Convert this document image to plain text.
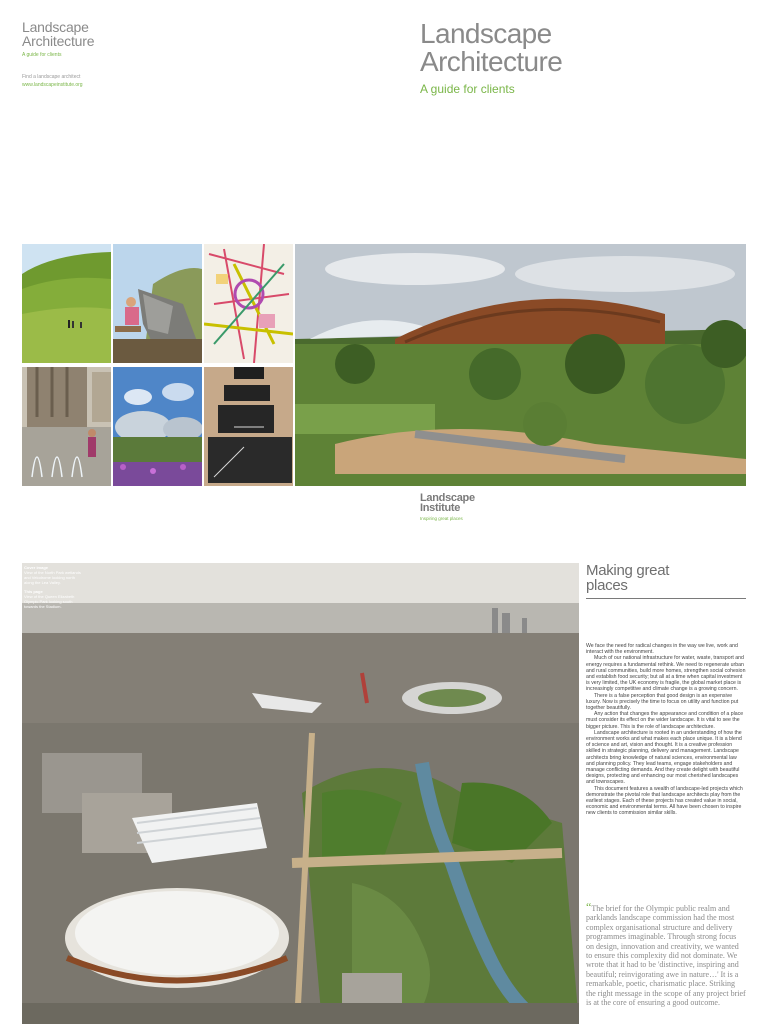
Landscape
Architecture
A guide for clients
Find a landscape architect
www.landscapeinstitute.org
Landscape
Architecture
A guide for clients
Landscape
Institute
Inspiring great places
Cover image
View of the North Park wetlands and Velodrome looking north along the Lea Valley.
This page
View of the Queen Elizabeth Olympic Park looking south towards the Stadium.
Making great
places

We face the need for radical changes in the way we live, work and interact with the environment.

Much of our national infrastructure for water, waste, transport and energy requires a fundamental rethink. We need to regenerate urban and rural communities, build more homes, strengthen social cohesion and establish food security; but all at a time when capital investment is very limited, the UK economy is fragile, the global market place is increasingly competitive and climate change is a growing concern.

There is a false perception that good design is an expensive luxury. Now is precisely the time to focus on utility and function put together beautifully.

Any action that changes the appearance and condition of a place must consider its effect on the wider landscape. It is vital to see the bigger picture. This is the role of landscape architecture.

Landscape architecture is rooted in an understanding of how the environment works and what makes each place unique. It is a blend of science and art, vision and thought. It is a creative profession skilled in strategic planning, delivery and management. Landscape architects bring knowledge of natural sciences, environmental law and planning policy. They lead teams, engage stakeholders and manage conflicting demands. And they create delight with beautiful designs, protecting and enhancing our most cherished landscapes and townscapes.

This document features a wealth of landscape-led projects which demonstrate the pivotal role that landscape architects play from the earliest stages. Each of these projects has created value in social, economic and environmental terms. All have been chosen to inspire new clients to commission similar skills.

“The brief for the Olympic public realm and parklands landscape commission had the most complex organisational structure and delivery programmes imaginable. Through strong focus on design, innovation and creativity, we wanted to ensure this complexity did not dominate. We wrote that it had to be 'distinctive, inspiring and beautiful; reinvigorating awe in nature…' It is a remarkable, poetic, charismatic place. Striking the right message in the scope of any project brief is at the core of ensuring a good outcome.
